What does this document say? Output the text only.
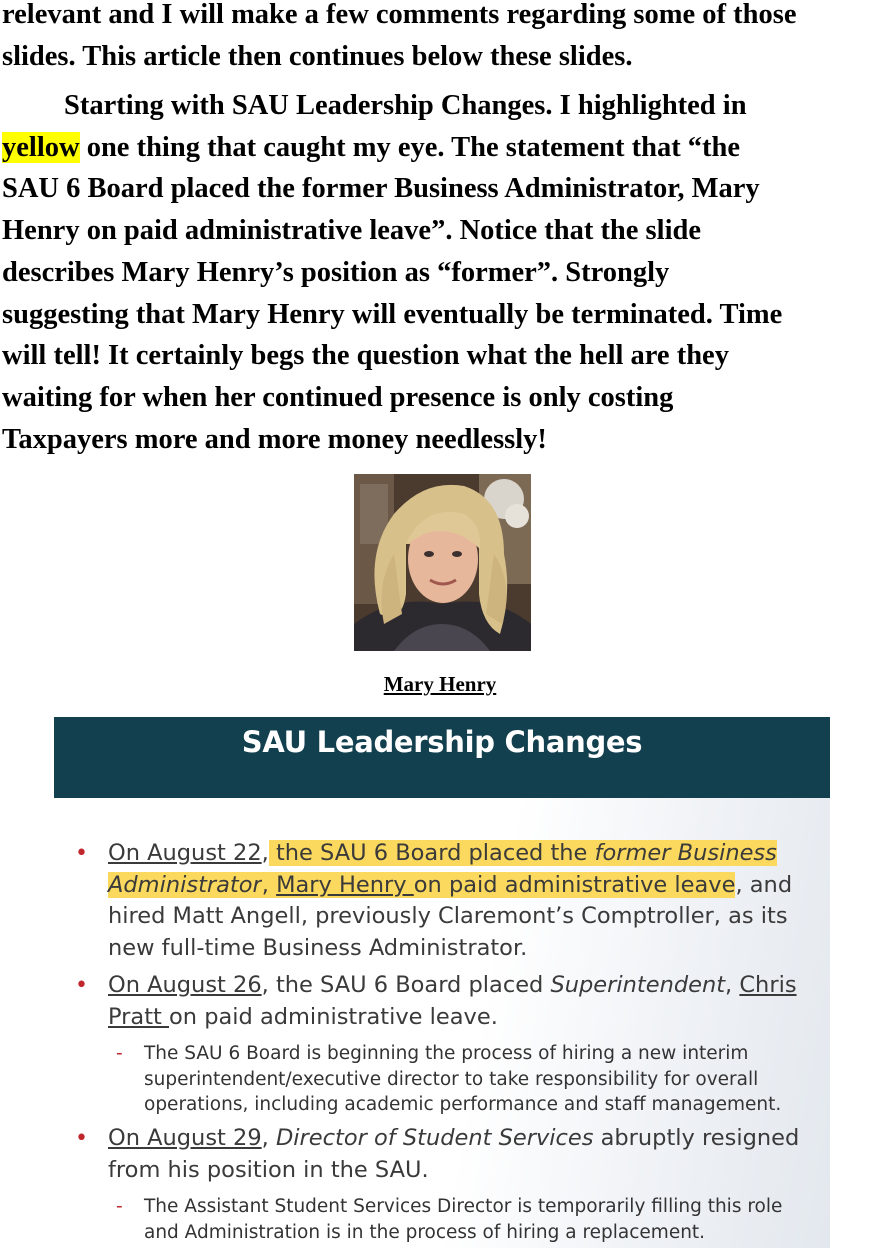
relevant and I will make a few comments regarding some of those
slides. This article then continues below these slides.
Starting with SAU Leadership Changes. I highlighted in
yellow one thing that caught my eye. The statement that “the
SAU 6 Board placed the former Business Administrator, Mary
Henry on paid administrative leave”. Notice that the slide
describes Mary Henry’s position as “former”. Strongly
suggesting that Mary Henry will eventually be terminated. Time
will tell! It certainly begs the question what the hell are they
waiting for when her continued presence is only costing
Taxpayers more and more money needlessly!
Mary Henry
SAU Leadership Changes
• On August 22, the SAU 6 Board placed the former Business
Administrator, Mary Henry on paid administrative leave, and
hired Matt Angell, previously Claremont’s Comptroller, as its
new full-time Business Administrator.
• On August 26, the SAU 6 Board placed Superintendent, Chris
Pratt on paid administrative leave.
- The SAU 6 Board is beginning the process of hiring a new interim
superintendent/executive director to take responsibility for overall
operations, including academic performance and staff management.
• On August 29, Director of Student Services abruptly resigned
from his position in the SAU.
- The Assistant Student Services Director is temporarily filling this role
and Administration is in the process of hiring a replacement.
